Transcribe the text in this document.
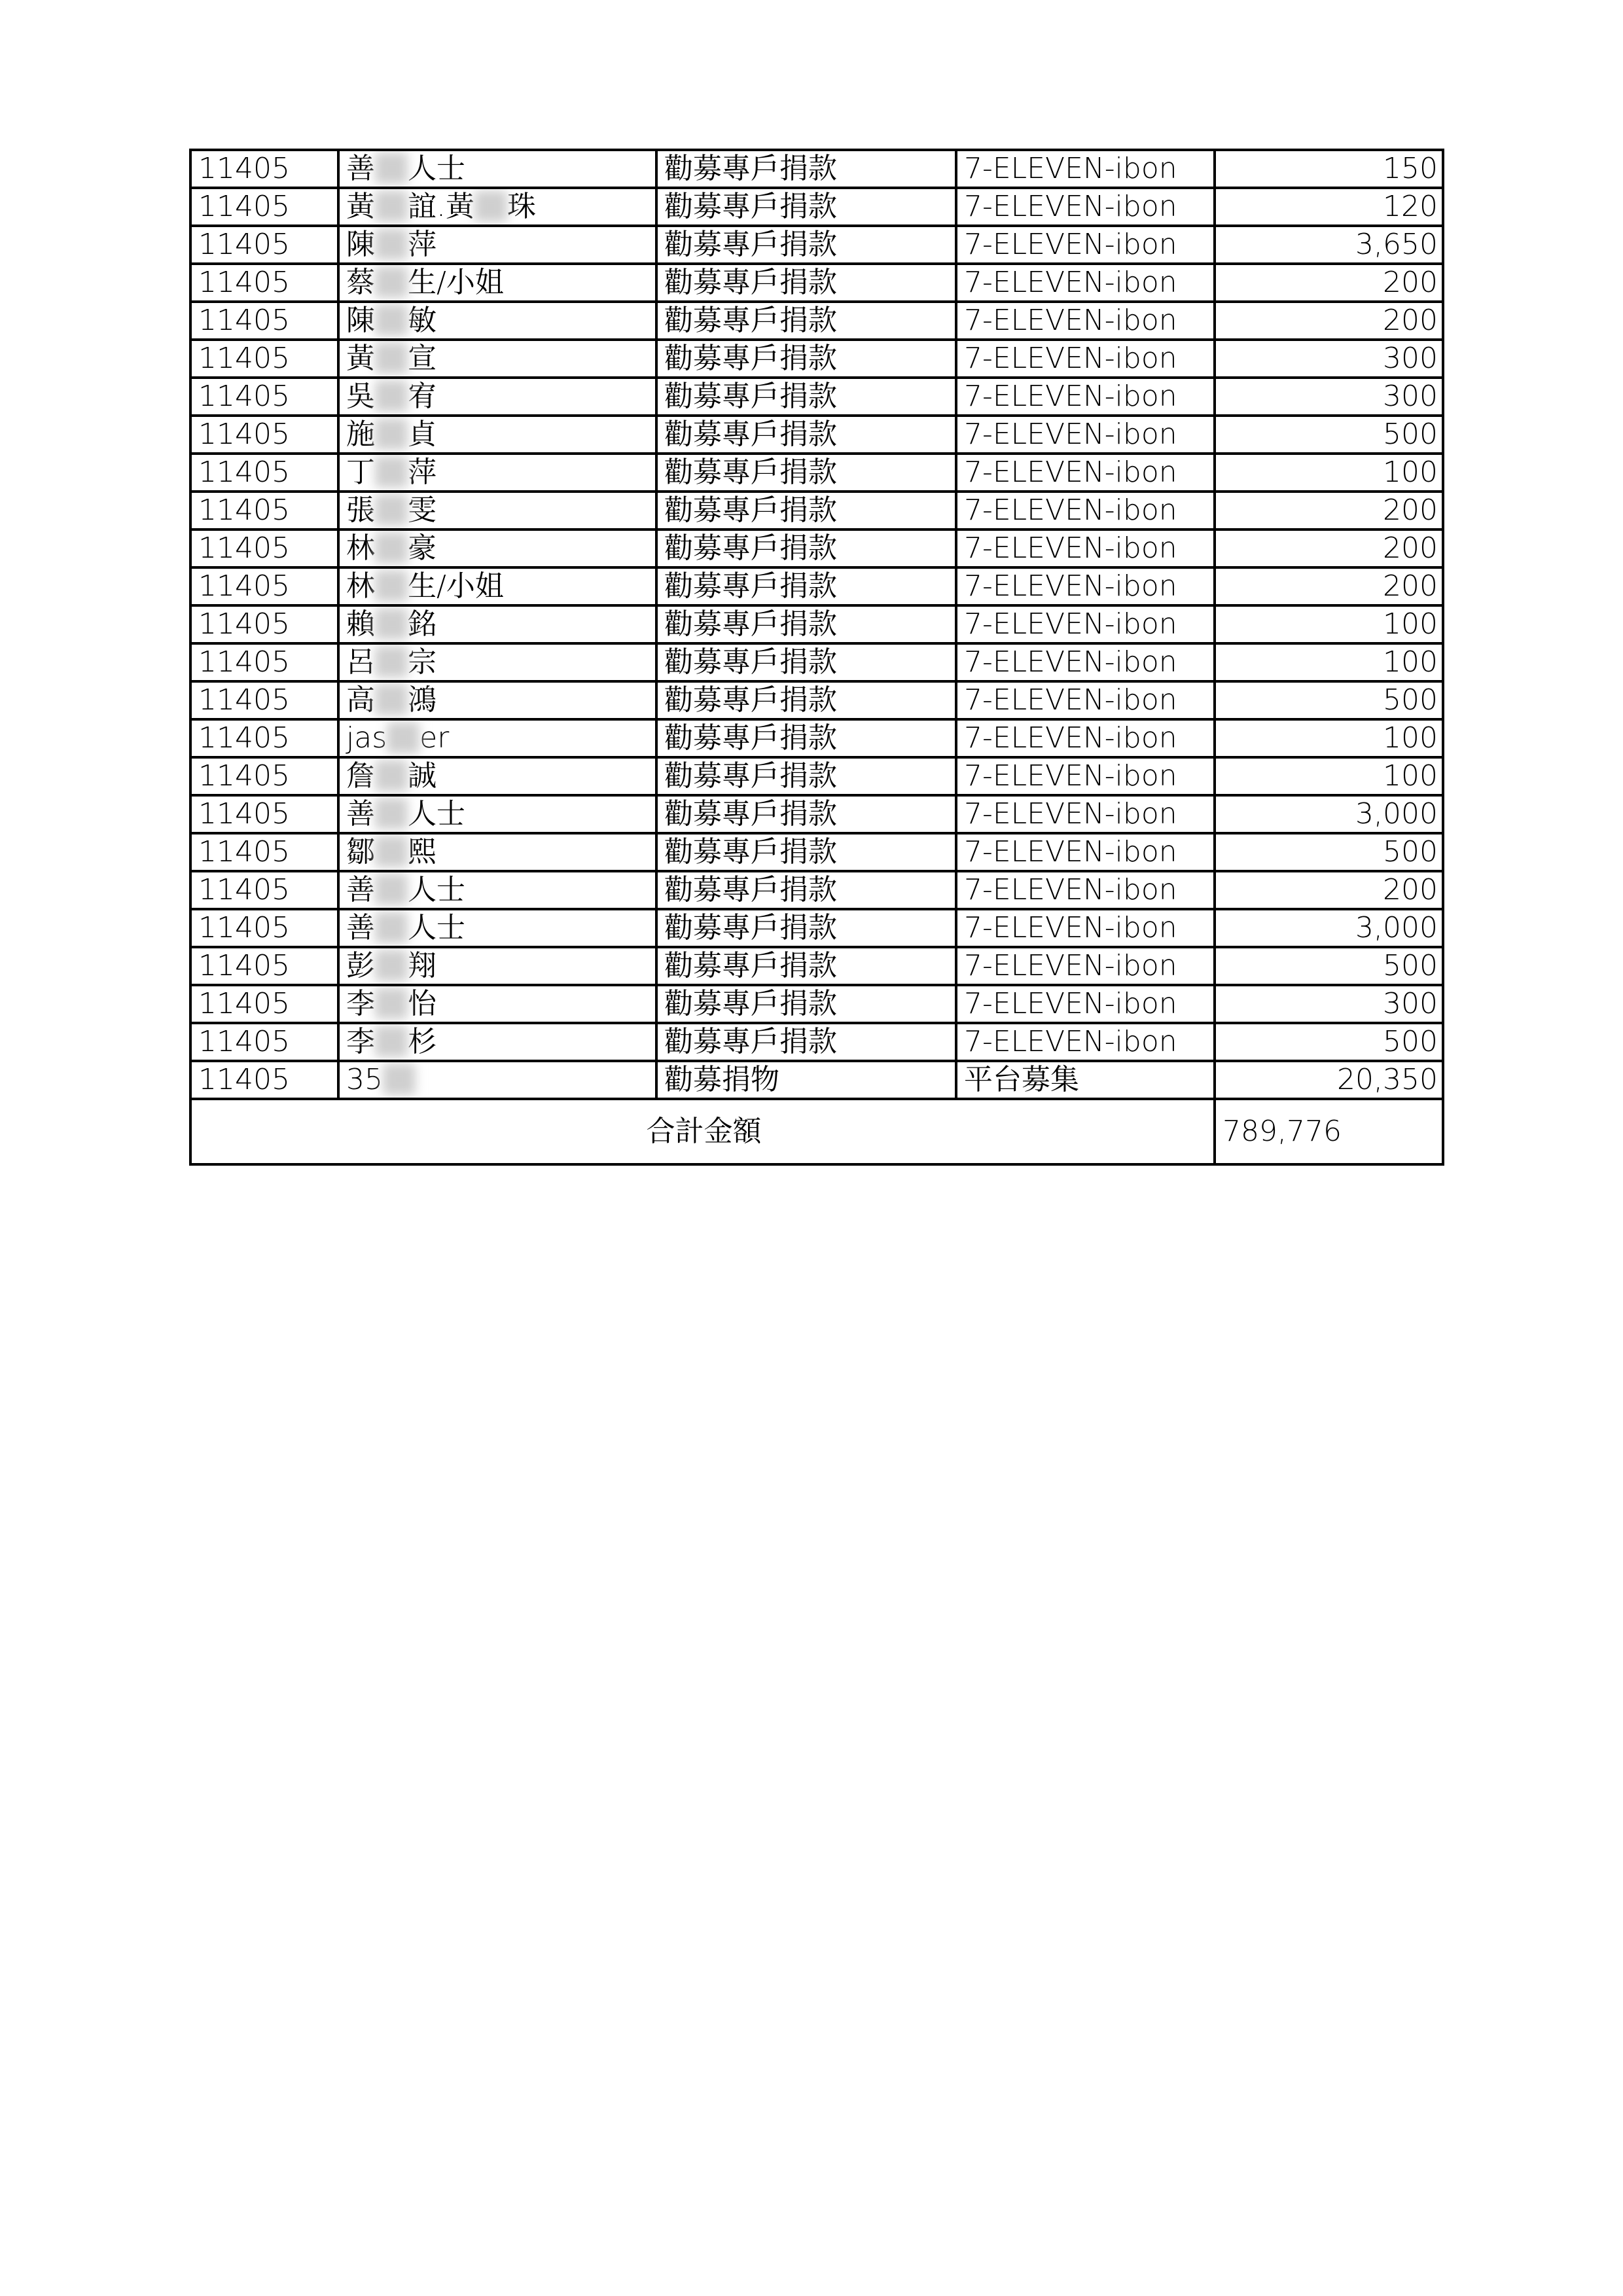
11405	善 人士	勸募專戶捐款	7-ELEVEN-ibon	150
11405	黃 誼.黃 珠	勸募專戶捐款	7-ELEVEN-ibon	120
11405	陳 萍	勸募專戶捐款	7-ELEVEN-ibon	3,650
11405	蔡 生/小姐	勸募專戶捐款	7-ELEVEN-ibon	200
11405	陳 敏	勸募專戶捐款	7-ELEVEN-ibon	200
11405	黃 宣	勸募專戶捐款	7-ELEVEN-ibon	300
11405	吳 宥	勸募專戶捐款	7-ELEVEN-ibon	300
11405	施 貞	勸募專戶捐款	7-ELEVEN-ibon	500
11405	丁 萍	勸募專戶捐款	7-ELEVEN-ibon	100
11405	張 雯	勸募專戶捐款	7-ELEVEN-ibon	200
11405	林 豪	勸募專戶捐款	7-ELEVEN-ibon	200
11405	林 生/小姐	勸募專戶捐款	7-ELEVEN-ibon	200
11405	賴 銘	勸募專戶捐款	7-ELEVEN-ibon	100
11405	呂 宗	勸募專戶捐款	7-ELEVEN-ibon	100
11405	高 鴻	勸募專戶捐款	7-ELEVEN-ibon	500
11405	jas er	勸募專戶捐款	7-ELEVEN-ibon	100
11405	詹 誠	勸募專戶捐款	7-ELEVEN-ibon	100
11405	善 人士	勸募專戶捐款	7-ELEVEN-ibon	3,000
11405	鄒 熙	勸募專戶捐款	7-ELEVEN-ibon	500
11405	善 人士	勸募專戶捐款	7-ELEVEN-ibon	200
11405	善 人士	勸募專戶捐款	7-ELEVEN-ibon	3,000
11405	彭 翔	勸募專戶捐款	7-ELEVEN-ibon	500
11405	李 怡	勸募專戶捐款	7-ELEVEN-ibon	300
11405	李 杉	勸募專戶捐款	7-ELEVEN-ibon	500
11405	35	勸募捐物	平台募集	20,350
合計金額				789,776
